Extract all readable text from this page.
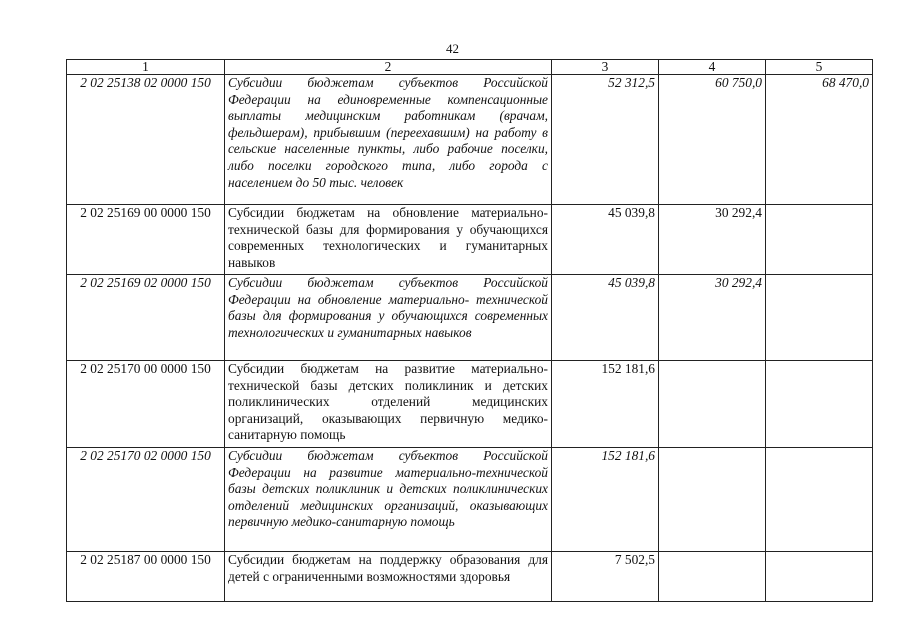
42
1	2	3	4	5
2 02 25138 02 0000 150	Субсидии бюджетам субъектов Российской Федерации на единовременные компенсационные выплаты медицинским работникам (врачам, фельдшерам), прибывшим (переехавшим) на работу в сельские населенные пункты, либо рабочие поселки, либо поселки городского типа, либо города с населением до 50 тыс. человек	52 312,5	60 750,0	68 470,0
2 02 25169 00 0000 150	Субсидии бюджетам на обновление материально-технической базы для формирования у обучающихся современных технологических и гуманитарных навыков	45 039,8	30 292,4	
2 02 25169 02 0000 150	Субсидии бюджетам субъектов Российской Федерации на обновление материально- технической базы для формирования у обучающихся современных технологических и гуманитарных навыков	45 039,8	30 292,4	
2 02 25170 00 0000 150	Субсидии бюджетам на развитие материально-технической базы детских поликлиник и детских поликлинических отделений медицинских организаций, оказывающих первичную медико-санитарную помощь	152 181,6		
2 02 25170 02 0000 150	Субсидии бюджетам субъектов Российской Федерации на развитие материально-технической базы детских поликлиник и детских поликлинических отделений медицинских организаций, оказывающих первичную медико-санитарную помощь	152 181,6		
2 02 25187 00 0000 150	Субсидии бюджетам на поддержку образования для детей с ограниченными возможностями здоровья	7 502,5		
